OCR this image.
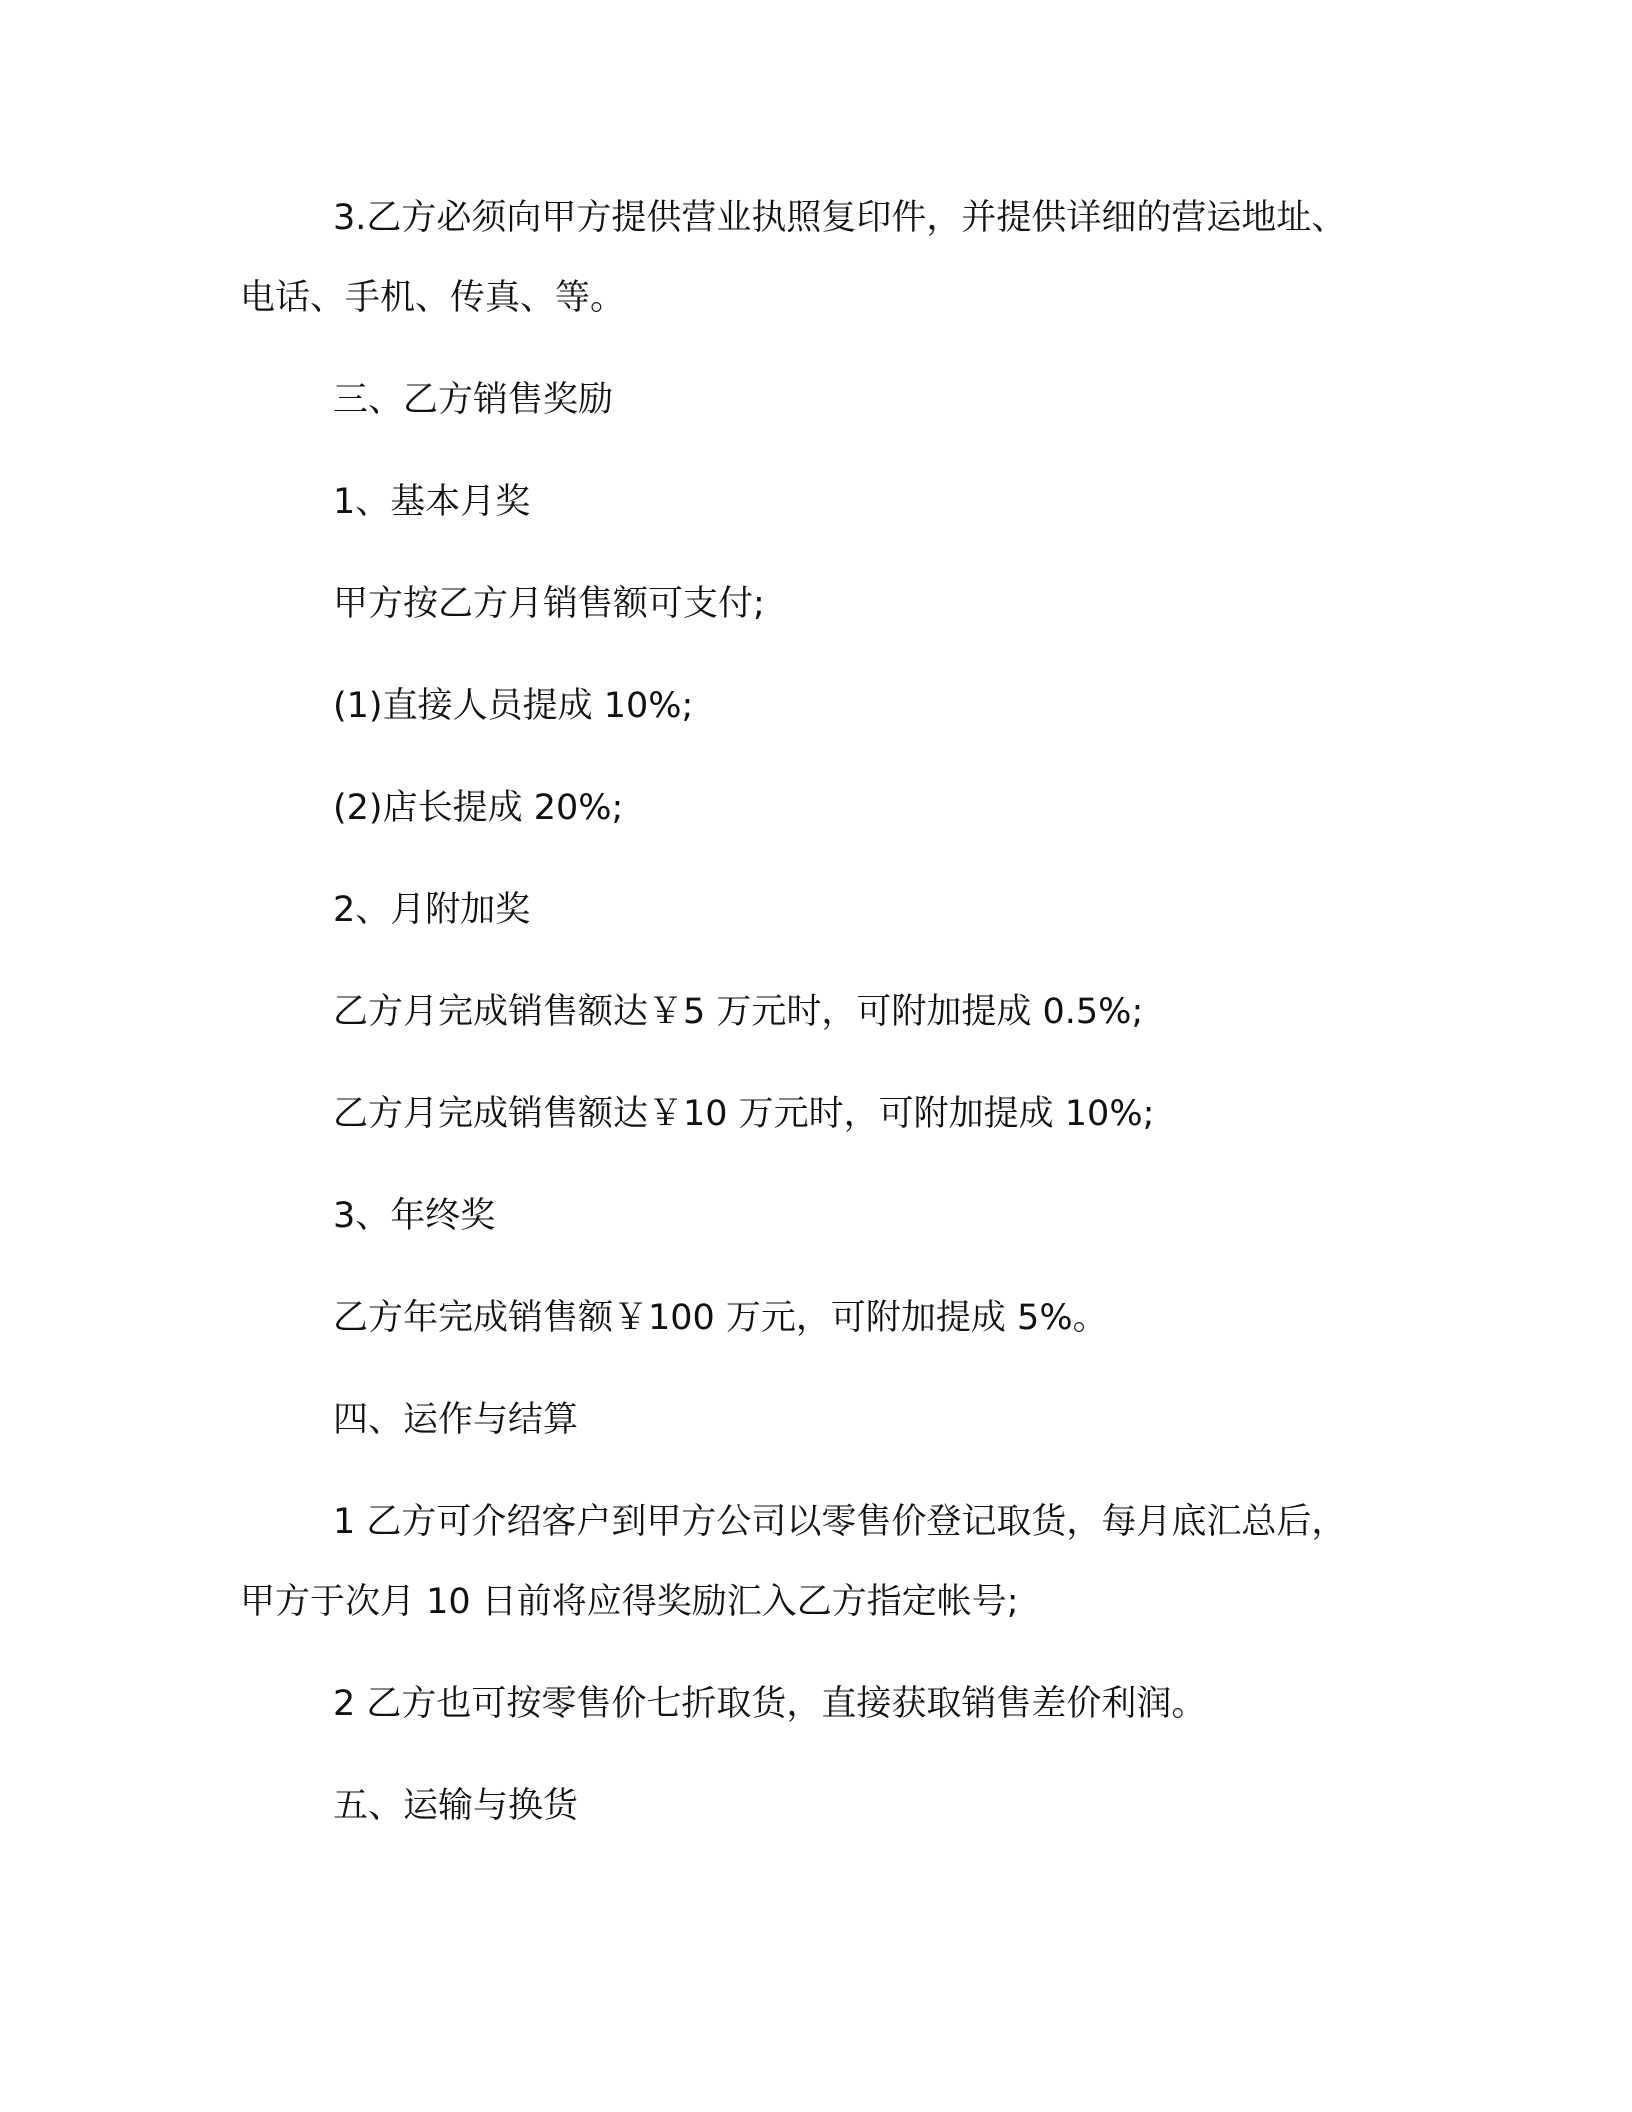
3.乙方必须向甲方提供营业执照复印件，并提供详细的营运地址、
电话、手机、传真、等。

三、乙方销售奖励

1、基本月奖

甲方按乙方月销售额可支付;

(1)直接人员提成 10%;

(2)店长提成 20%;

2、月附加奖

乙方月完成销售额达￥5 万元时，可附加提成 0.5%;

乙方月完成销售额达￥10 万元时，可附加提成 10%;

3、年终奖

乙方年完成销售额￥100 万元，可附加提成 5%。

四、运作与结算

1 乙方可介绍客户到甲方公司以零售价登记取货，每月底汇总后，
甲方于次月 10 日前将应得奖励汇入乙方指定帐号;

2 乙方也可按零售价七折取货，直接获取销售差价利润。

五、运输与换货
